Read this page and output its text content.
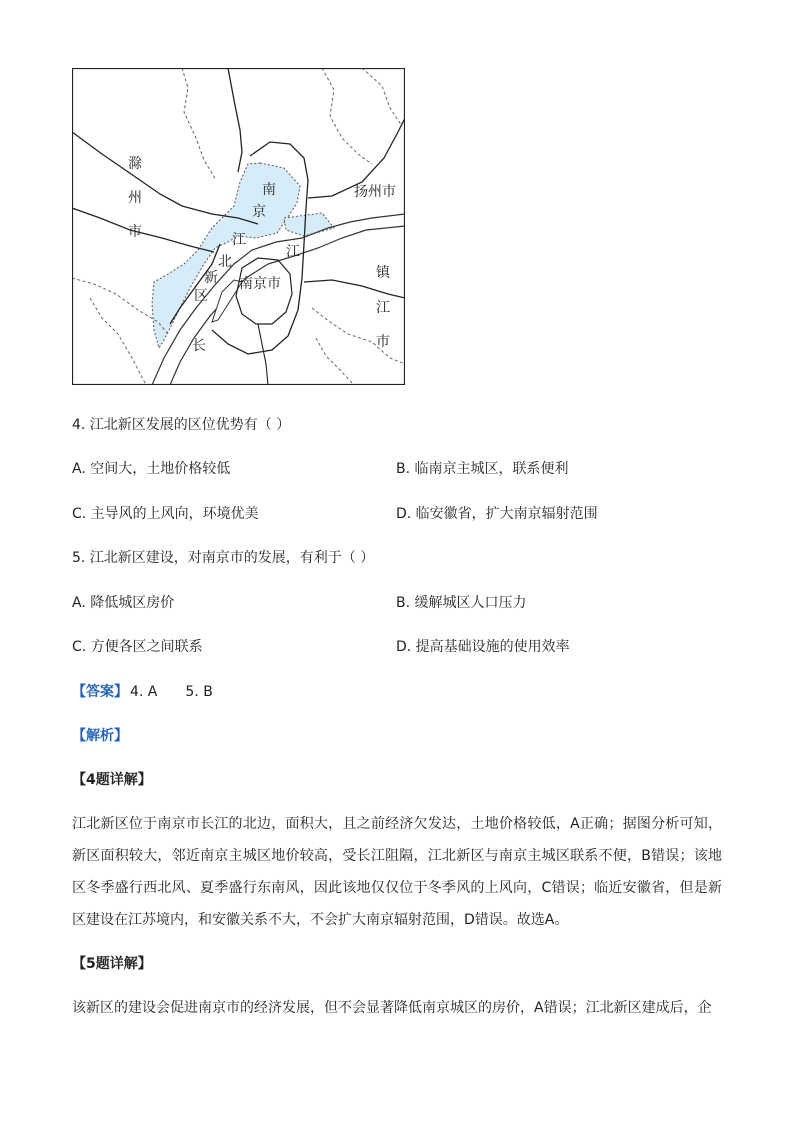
滁
州
市
扬州市
南
京
江
江
北
新
区
南京市
镇
江
市
长
4. 江北新区发展的区位优势有（ ）
A. 空间大，土地价格较低	B. 临南京主城区，联系便利
C. 主导风的上风向，环境优美	D. 临安徽省，扩大南京辐射范围
5. 江北新区建设，对南京市的发展，有利于（ ）
A. 降低城区房价	B. 缓解城区人口压力
C. 方便各区之间联系	D. 提高基础设施的使用效率
【答案】 4. A 5. B
【解析】
【4题详解】
江北新区位于南京市长江的北边，面积大，且之前经济欠发达，土地价格较低，A正确；据图分析可知，新区面积较大，邻近南京主城区地价较高，受长江阻隔，江北新区与南京主城区联系不便，B错误；该地区冬季盛行西北风、夏季盛行东南风，因此该地仅仅位于冬季风的上风向，C错误；临近安徽省，但是新区建设在江苏境内，和安徽关系不大，不会扩大南京辐射范围，D错误。故选A。
【5题详解】
该新区的建设会促进南京市的经济发展，但不会显著降低南京城区的房价，A错误；江北新区建成后，企
